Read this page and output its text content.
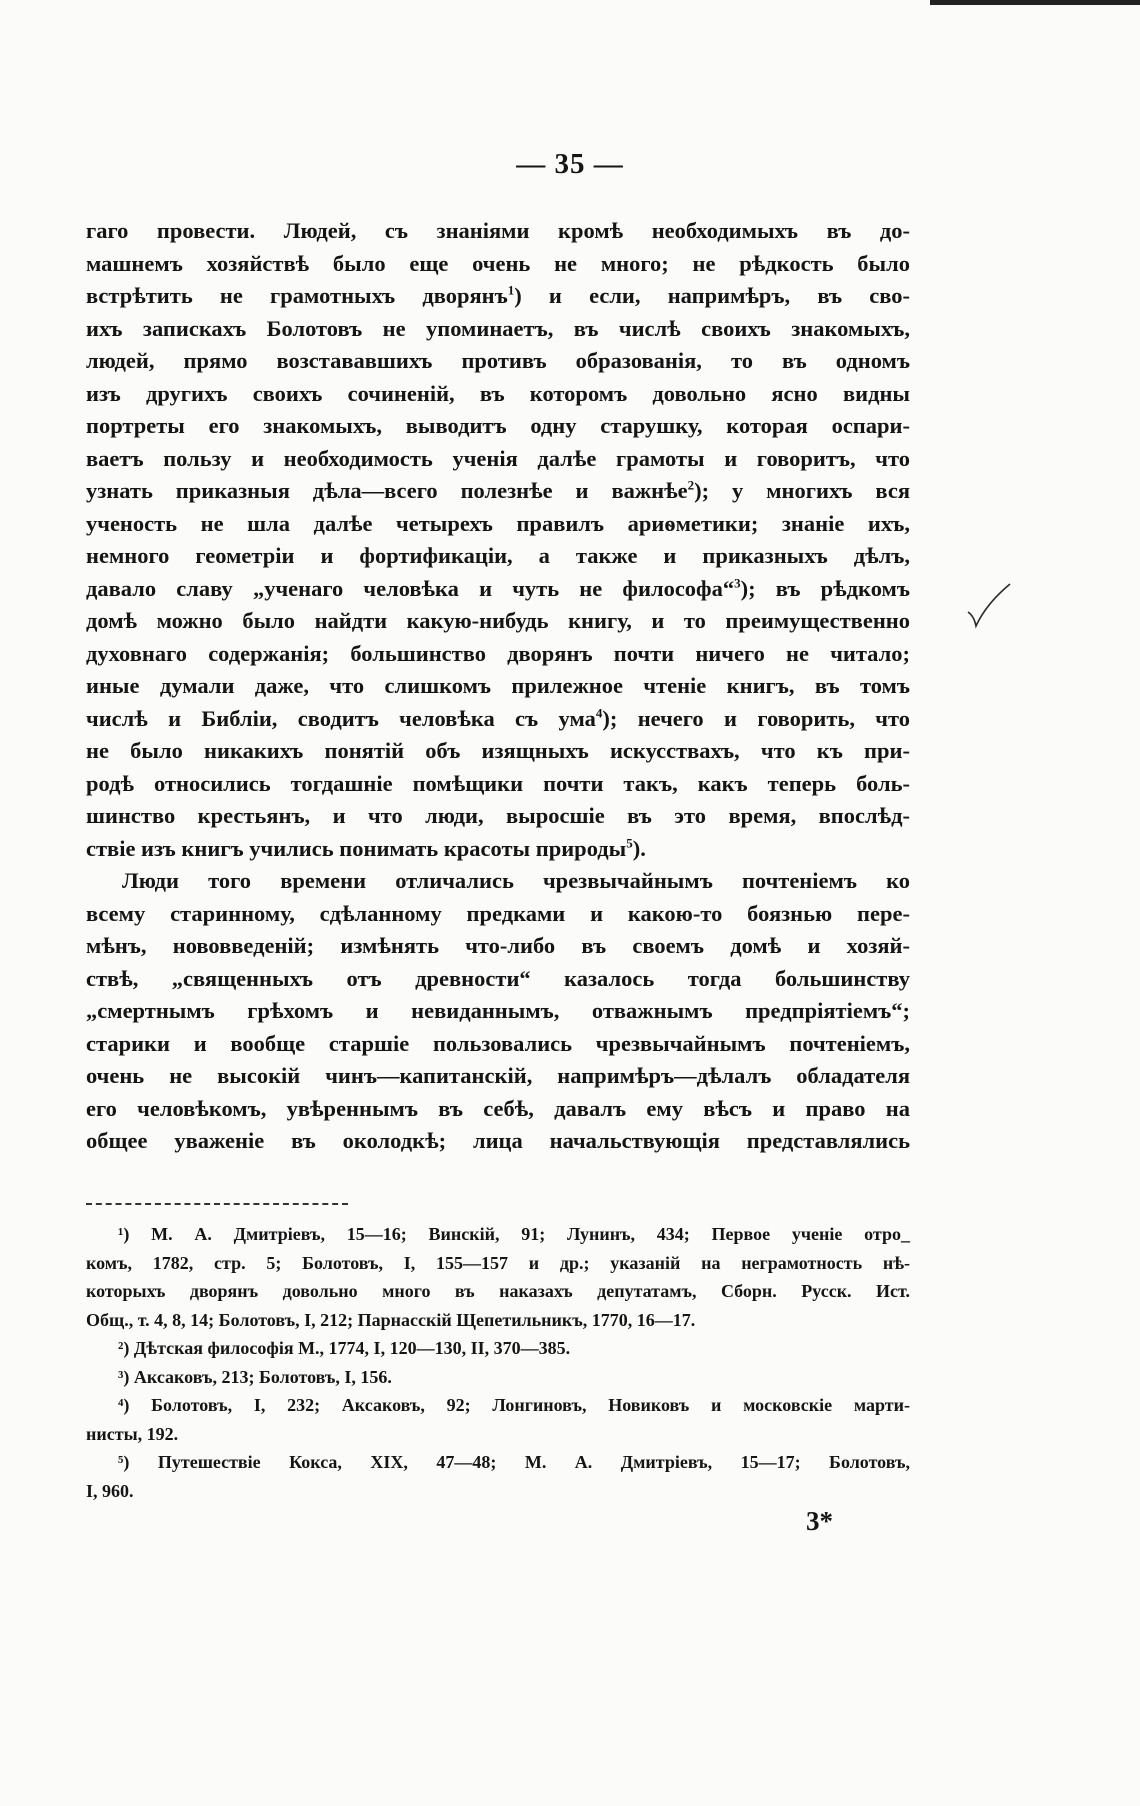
— 35 —
гаго провести. Людей, съ знаніями кромѣ необходимыхъ въ до-
машнемъ хозяйствѣ было еще очень не много; не рѣдкость было
встрѣтить не грамотныхъ дворянъ$^1$) и если, напримѣръ, въ сво-
ихъ запискахъ Болотовъ не упоминаетъ, въ числѣ своихъ знакомыхъ,
людей, прямо возстававшихъ противъ образованія, то въ одномъ
изъ другихъ своихъ сочиненій, въ которомъ довольно ясно видны
портреты его знакомыхъ, выводитъ одну старушку, которая оспари-
ваетъ пользу и необходимость ученія далѣе грамоты и говоритъ, что
узнать приказныя дѣла—всего полезнѣе и важнѣе$^2$); у многихъ вся
ученость не шла далѣе четырехъ правилъ ариѳметики; знаніе ихъ,
немного геометріи и фортификаціи, а также и приказныхъ дѣлъ,
давало славу „ученаго человѣка и чуть не философа“$^3$); въ рѣдкомъ
домѣ можно было найдти какую-нибудь книгу, и то преимущественно
духовнаго содержанія; большинство дворянъ почти ничего не читало;
иные думали даже, что слишкомъ прилежное чтеніе книгъ, въ томъ
числѣ и Библіи, сводитъ человѣка съ ума$^4$); нечего и говорить, что
не было никакихъ понятій объ изящныхъ искусствахъ, что къ при-
родѣ относились тогдашніе помѣщики почти такъ, какъ теперь боль-
шинство крестьянъ, и что люди, выросшіе въ это время, впослѣд-
ствіе изъ книгъ учились понимать красоты природы$^5$).
Люди того времени отличались чрезвычайнымъ почтеніемъ ко
всему старинному, сдѣланному предками и какою-то боязнью пере-
мѣнъ, нововведеній; измѣнять что-либо въ своемъ домѣ и хозяй-
ствѣ, „священныхъ отъ древности“ казалось тогда большинству
„смертнымъ грѣхомъ и невиданнымъ, отважнымъ предпріятіемъ“;
старики и вообще старшіе пользовались чрезвычайнымъ почтеніемъ,
очень не высокій чинъ—капитанскій, напримѣръ—дѣлалъ обладателя
его человѣкомъ, увѣреннымъ въ себѣ, давалъ ему вѣсъ и право на
общее уваженіе въ околодкѣ; лица начальствующія представлялись
¹) М. А. Дмитріевъ, 15—16; Винскій, 91; Лунинъ, 434; Первое ученіе отро_
комъ, 1782, стр. 5; Болотовъ, I, 155—157 и др.; указаній на неграмотность нѣ-
которыхъ дворянъ довольно много въ наказахъ депутатамъ, Сборн. Русск. Ист.
Общ., т. 4, 8, 14; Болотовъ, I, 212; Парнасскій Щепетильникъ, 1770, 16—17.
²) Дѣтская философія М., 1774, I, 120—130, II, 370—385.
³) Аксаковъ, 213; Болотовъ, I, 156.
⁴) Болотовъ, I, 232; Аксаковъ, 92; Лонгиновъ, Новиковъ и московскіе марти-
нисты, 192.
⁵) Путешествіе Кокса, XIX, 47—48; М. А. Дмитріевъ, 15—17; Болотовъ,
I, 960.
3*
